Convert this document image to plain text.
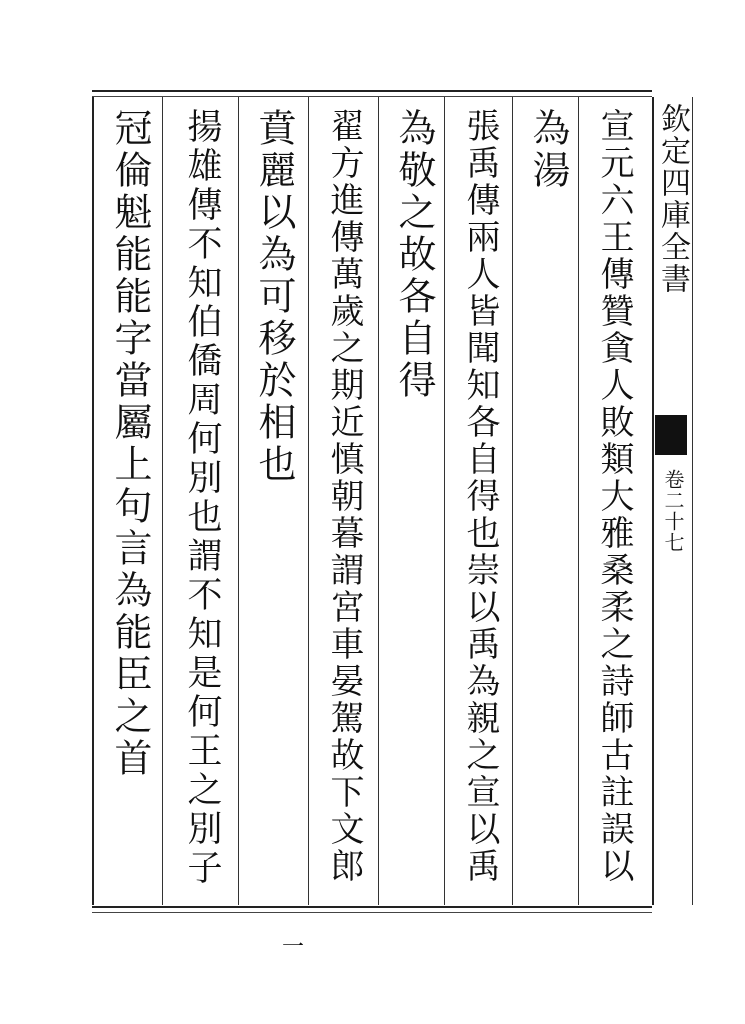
欽定四庫全書
卷二十七
宣元六王傳贊貪人敗類大雅桑柔之詩師古註誤以
為湯
張禹傳兩人皆聞知各自得也崇以禹為親之宣以禹
為敬之故各自得
翟方進傳萬歲之期近慎朝暮謂宮車晏駕故下文郎
賁麗以為可移於相也
揚雄傳不知伯僑周何別也謂不知是何王之別子
冠倫魁能能字當屬上句言為能臣之首
一
